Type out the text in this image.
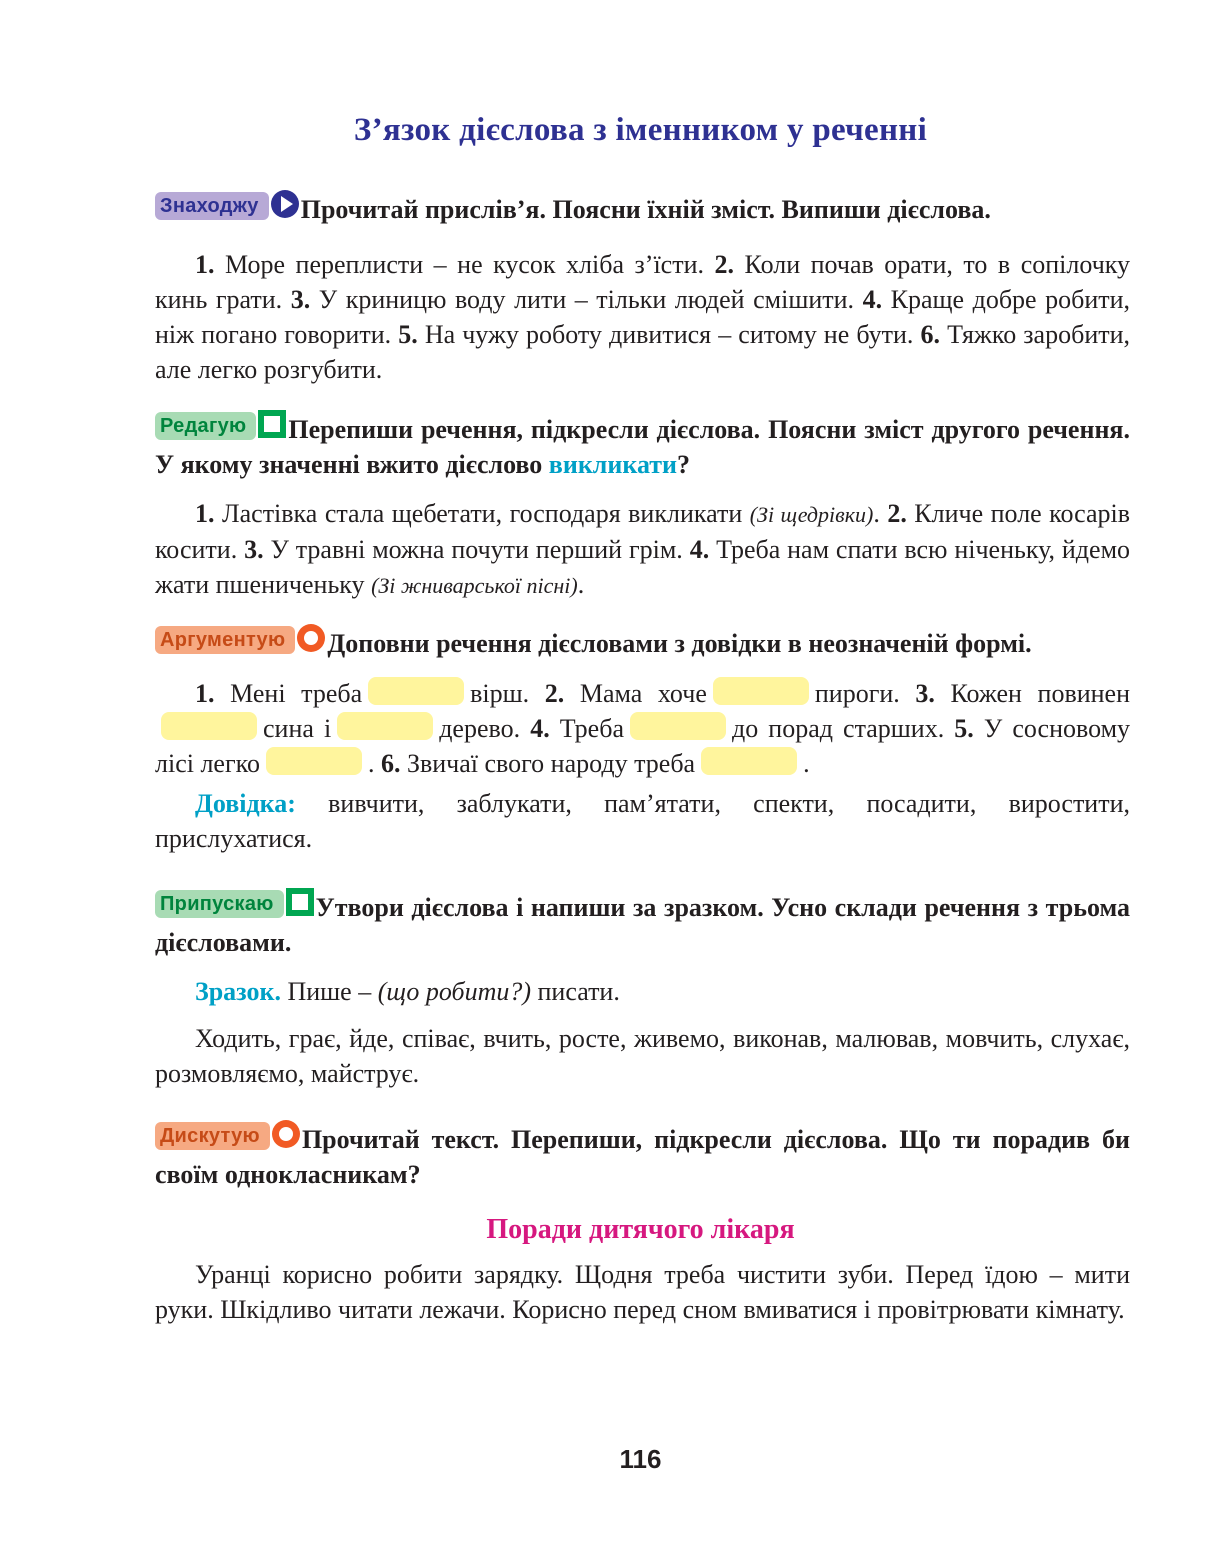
З’язок дієслова з іменником у реченні
Знаходжу Прочитай прислів’я. Поясни їхній зміст. Випиши дієслова.
1. Море переплисти – не кусок хліба з’їсти. 2. Коли почав орати, то в сопілочку кинь грати. 3. У криницю воду лити – тільки людей смішити. 4. Краще добре робити, ніж погано говорити. 5. На чужу роботу дивитися – ситому не бути. 6. Тяжко заробити, але легко розгубити.
Редагую Перепиши речення, підкресли дієслова. Поясни зміст другого речення. У якому значенні вжито дієслово викликати?
1. Ластівка стала щебетати, господаря викликати (Зі щедрівки). 2. Кличе поле косарів косити. 3. У травні можна почути перший грім. 4. Треба нам спати всю ніченьку, йдемо жати пшениченьку (Зі жниварської пісні).
Аргументую Доповни речення дієсловами з довідки в неозначеній формі.
1. Мені треба	вірш. 2. Мама хоче	пироги. 3. Кожен повиненсина і	дерево. 4. Треба	до порад старших. 5. У сосновому лісі легко	. 6. Звичаї свого народу треба	.
Довідка: вивчити, заблукати, пам’ятати, спекти, посадити, виростити, прислухатися.
Припускаю Утвори дієслова і напиши за зразком. Усно склади речення з трьома дієсловами.
Зразок. Пише – (що робити?) писати.
Ходить, грає, йде, співає, вчить, росте, живемо, виконав, малював, мовчить, слухає, розмовляємо, майструє.
Дискутую Прочитай текст. Перепиши, підкресли дієслова. Що ти порадив би своїм однокласникам?
Поради дитячого лікаря
Уранці корисно робити зарядку. Щодня треба чистити зуби. Перед їдою – мити руки. Шкідливо читати лежачи. Корисно перед сном вмиватися і провітрювати кімнату.
116
